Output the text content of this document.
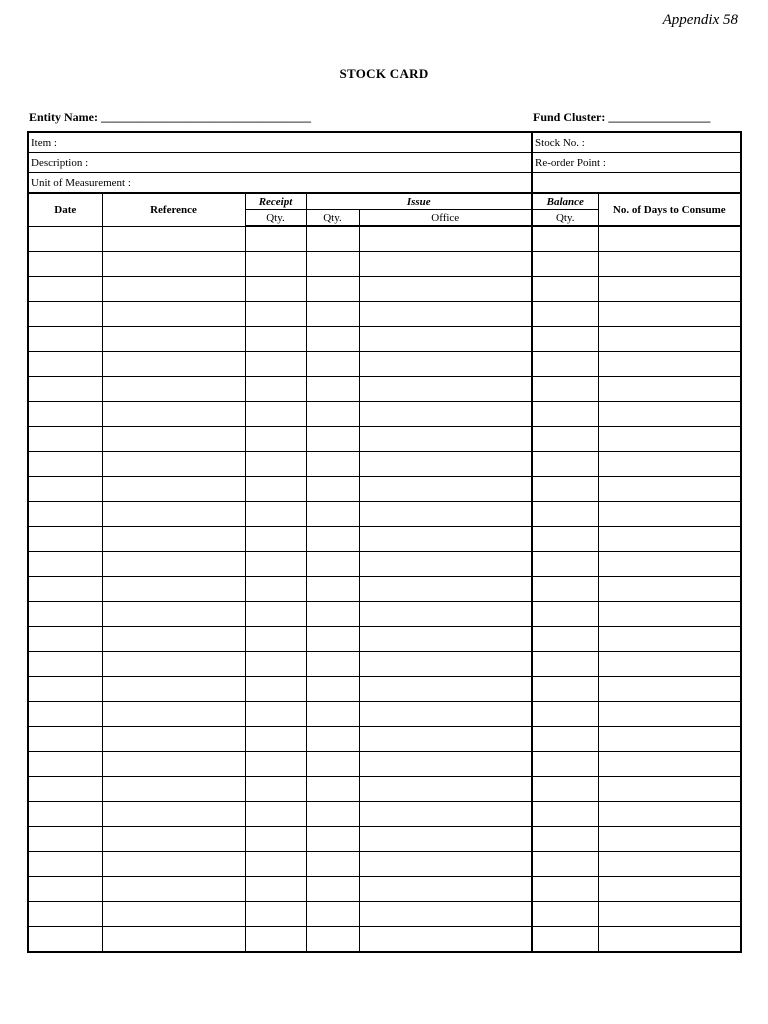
Appendix 58
STOCK CARD
Entity Name: ___________________________________	Fund Cluster: _________________
Item :					Stock No. :	
Description :					Re-order Point :	
Unit of Measurement :						
Date	Reference	Receipt	Issue		Balance	No. of Days to Consume
		Qty.	Qty.	Office	Qty.	
